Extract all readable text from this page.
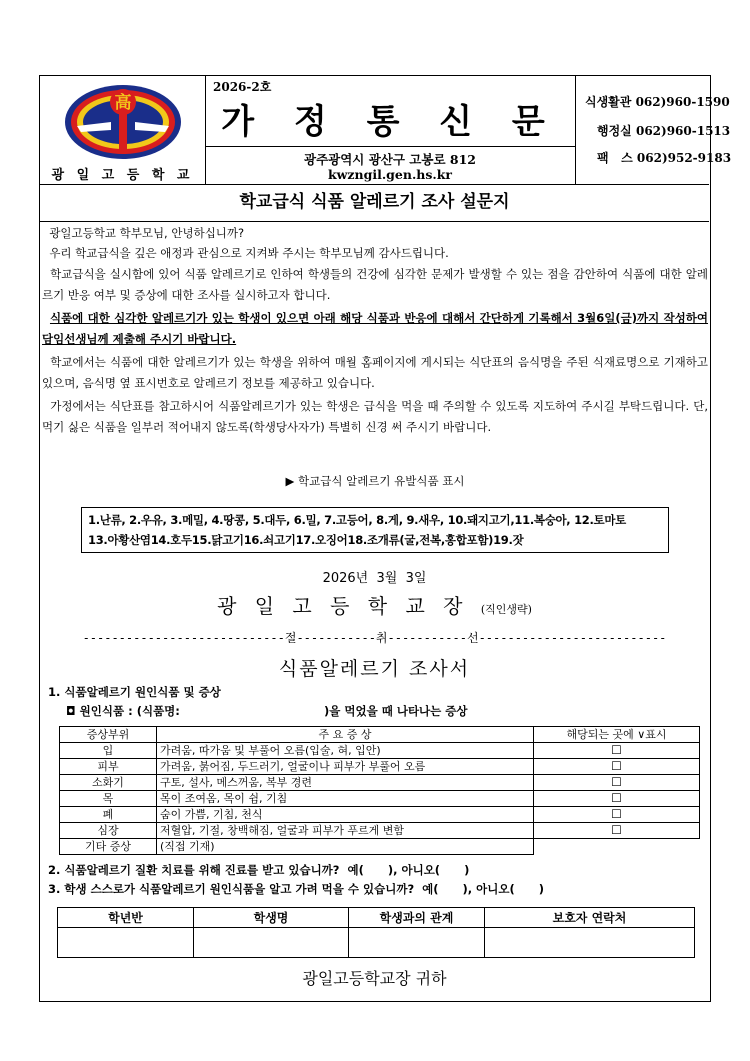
高
광 일 고 등 학 교
2026-2호
가 정 통 신 문
광주광역시 광산구 고봉로 812
kwzngil.gen.hs.kr
식생활관 062)960-1590
행정실 062)960-1513
팩   스 062)952-9183
학교급식 식품 알레르기 조사 설문지
광일고등학교 학부모님, 안녕하십니까?
우리 학교급식을 깊은 애정과 관심으로 지켜봐 주시는 학부모님께 감사드립니다.
학교급식을 실시함에 있어 식품 알레르기로 인하여 학생들의 건강에 심각한 문제가 발생할 수 있는 점을 감안하여 식품에 대한 알레르기 반응 여부 및 증상에 대한 조사를 실시하고자 합니다.
식품에 대한 심각한 알레르기가 있는 학생이 있으면 아래 해당 식품과 반응에 대해서 간단하게 기록해서 3월6일(금)까지 작성하여 담임선생님께 제출해 주시기 바랍니다.
학교에서는 식품에 대한 알레르기가 있는 학생을 위하여 매월 홈페이지에 게시되는 식단표의 음식명을 주된 식재료명으로 기재하고 있으며, 음식명 옆 표시번호로 알레르기 정보를 제공하고 있습니다.
가정에서는 식단표를 참고하시어 식품알레르기가 있는 학생은 급식을 먹을 때 주의할 수 있도록 지도하여 주시길 부탁드립니다. 단, 먹기 싫은 식품을 일부러 적어내지 않도록(학생당사자가) 특별히 신경 써 주시기 바랍니다.
▶ 학교급식 알레르기 유발식품 표시
1.난류, 2.우유, 3.메밀, 4.땅콩, 5.대두, 6.밀, 7.고등어, 8.게, 9.새우, 10.돼지고기,11.복숭아, 12.토마토
13.아황산염14.호두15.닭고기16.쇠고기17.오징어18.조개류(굴,전복,홍합포함)19.잣
2026년  3월  3일
광 일 고 등 학 교 장 (직인생략)
----------------------------절-----------취-----------선--------------------------
식품알레르기 조사서
1. 식품알레르기 원인식품 및 증상
◘ 원인식품 : (식품명:                                    )을 먹었을 때 나타나는 증상
증상부위	주 요 증 상	해당되는 곳에 ∨표시
입	가려움, 따가움 및 부풀어 오름(입술, 혀, 입안)	☐
피부	가려움, 붉어짐, 두드러기, 얼굴이나 피부가 부풀어 오름	☐
소화기	구토, 설사, 메스꺼움, 복부 경련	☐
목	목이 조여옴, 목이 쉼, 기침	☐
폐	숨이 가쁨, 기침, 천식	☐
심장	저혈압, 기절, 창백해짐, 얼굴과 피부가 푸르게 변함	☐
기타 증상	(직접 기재)	
2. 식품알레르기 질환 치료를 위해 진료를 받고 있습니까?  예(      ), 아니오(      )
3. 학생 스스로가 식품알레르기 원인식품을 알고 가려 먹을 수 있습니까?  예(      ), 아니오(      )
학년반	학생명	학생과의 관계	보호자 연락처

광일고등학교장 귀하
